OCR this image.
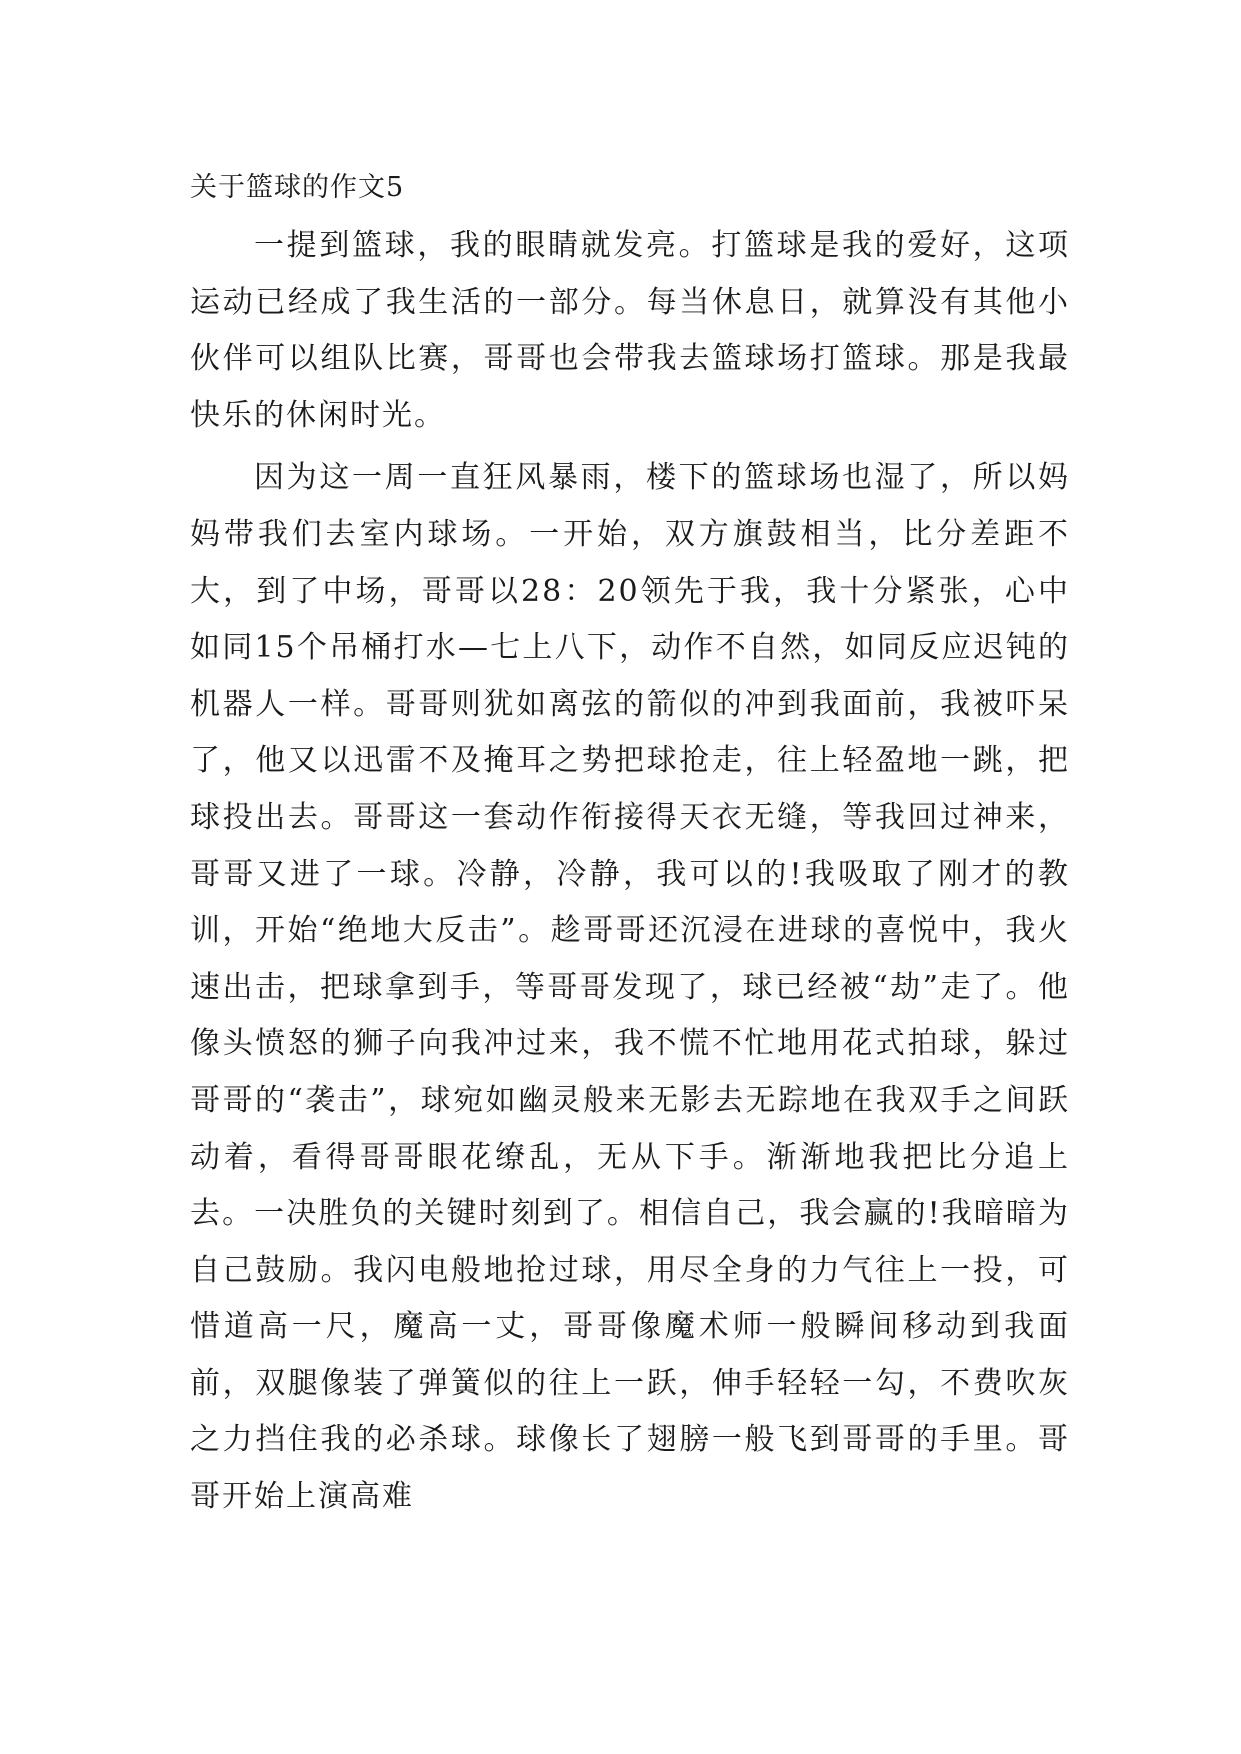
关于篮球的作文5

一提到篮球，我的眼睛就发亮。打篮球是我的爱好，这项运动已经成了我生活的一部分。每当休息日，就算没有其他小伙伴可以组队比赛，哥哥也会带我去篮球场打篮球。那是我最快乐的休闲时光。

因为这一周一直狂风暴雨，楼下的篮球场也湿了，所以妈妈带我们去室内球场。一开始，双方旗鼓相当，比分差距不大，到了中场，哥哥以28：20领先于我，我十分紧张，心中如同15个吊桶打水—七上八下，动作不自然，如同反应迟钝的机器人一样。哥哥则犹如离弦的箭似的冲到我面前，我被吓呆了，他又以迅雷不及掩耳之势把球抢走，往上轻盈地一跳，把球投出去。哥哥这一套动作衔接得天衣无缝，等我回过神来，哥哥又进了一球。冷静，冷静，我可以的!我吸取了刚才的教训，开始“绝地大反击”。趁哥哥还沉浸在进球的喜悦中，我火速出击，把球拿到手，等哥哥发现了，球已经被“劫”走了。他像头愤怒的狮子向我冲过来，我不慌不忙地用花式拍球，躲过哥哥的“袭击”，球宛如幽灵般来无影去无踪地在我双手之间跃动着，看得哥哥眼花缭乱，无从下手。渐渐地我把比分追上去。一决胜负的关键时刻到了。相信自己，我会赢的!我暗暗为自己鼓励。我闪电般地抢过球，用尽全身的力气往上一投，可惜道高一尺，魔高一丈，哥哥像魔术师一般瞬间移动到我面前，双腿像装了弹簧似的往上一跃，伸手轻轻一勾，不费吹灰之力挡住我的必杀球。球像长了翅膀一般飞到哥哥的手里。哥哥开始上演高难
